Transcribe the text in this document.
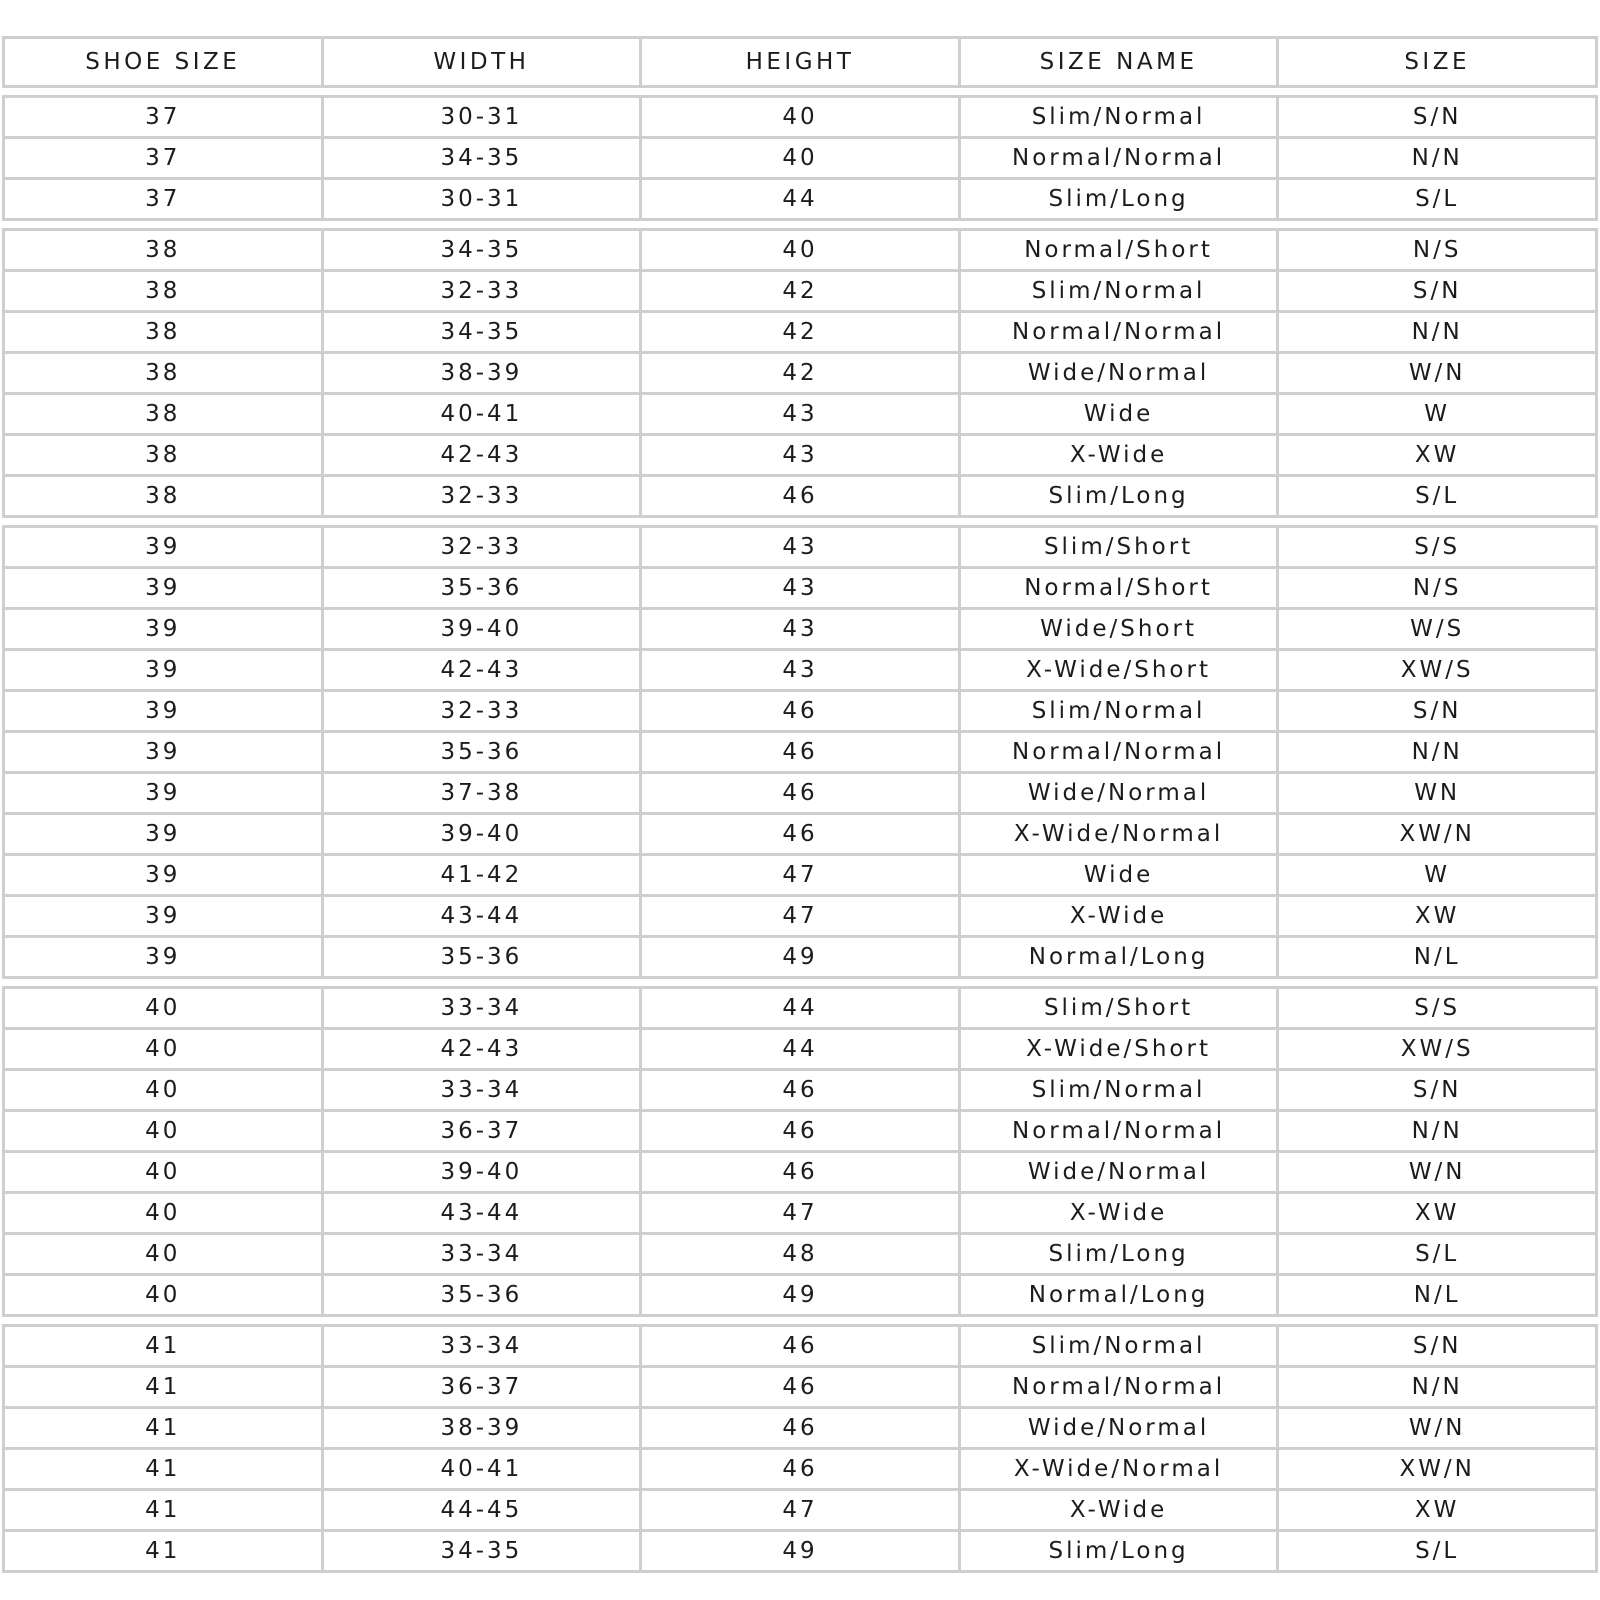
SHOE SIZE	WIDTH	HEIGHT	SIZE NAME	SIZE
37	30-31	40	Slim/Normal	S/N
37	34-35	40	Normal/Normal	N/N
37	30-31	44	Slim/Long	S/L
38	34-35	40	Normal/Short	N/S
38	32-33	42	Slim/Normal	S/N
38	34-35	42	Normal/Normal	N/N
38	38-39	42	Wide/Normal	W/N
38	40-41	43	Wide	W
38	42-43	43	X-Wide	XW
38	32-33	46	Slim/Long	S/L
39	32-33	43	Slim/Short	S/S
39	35-36	43	Normal/Short	N/S
39	39-40	43	Wide/Short	W/S
39	42-43	43	X-Wide/Short	XW/S
39	32-33	46	Slim/Normal	S/N
39	35-36	46	Normal/Normal	N/N
39	37-38	46	Wide/Normal	WN
39	39-40	46	X-Wide/Normal	XW/N
39	41-42	47	Wide	W
39	43-44	47	X-Wide	XW
39	35-36	49	Normal/Long	N/L
40	33-34	44	Slim/Short	S/S
40	42-43	44	X-Wide/Short	XW/S
40	33-34	46	Slim/Normal	S/N
40	36-37	46	Normal/Normal	N/N
40	39-40	46	Wide/Normal	W/N
40	43-44	47	X-Wide	XW
40	33-34	48	Slim/Long	S/L
40	35-36	49	Normal/Long	N/L
41	33-34	46	Slim/Normal	S/N
41	36-37	46	Normal/Normal	N/N
41	38-39	46	Wide/Normal	W/N
41	40-41	46	X-Wide/Normal	XW/N
41	44-45	47	X-Wide	XW
41	34-35	49	Slim/Long	S/L
